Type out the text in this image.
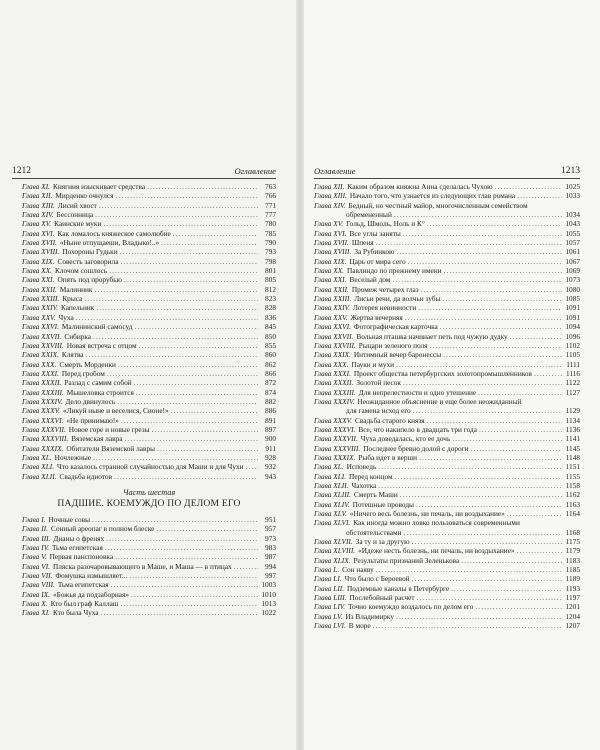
1212	Оглавление
Глава XI. Княгиня изыскивает средства .....	763
Глава XII. Мирденко очнулся .....	766
Глава XIII. Лисий хвост .....	771
Глава XIV. Бессонница .....	777
Глава XV. Каинские муки .....	780
Глава XVI. Как ломалось княжеское самолюбие .....	785
Глава XVII. «Ныне отпущаеши, Владыко!..» .....	790
Глава XVIII. Похороны Гудьки .....	793
Глава XIX. Совесть заговорила .....	798
Глава XX. Клочом сошлось .....	801
Глава XXI. Опять под прорубью .....	805
Глава XXII. Малинник .....	812
Глава XXIII. Крыса .....	823
Глава XXIV. Капельник .....	828
Глава XXV. Чуха .....	836
Глава XXVI. Малининский самосуд .....	845
Глава XXVII. Сибирка .....	850
Глава XXVIII. Новая встреча с отцом .....	855
Глава XXIX. Клятва .....	860
Глава XXX. Смерть Морденки .....	862
Глава XXXI. Перед гробом .....	866
Глава XXXII. Разлад с самим собой .....	872
Глава XXXIII. Мышеловка строится .....	874
Глава XXXIV. Дело двинулось .....	882
Глава XXXV. «Ликуй ныне и веселися, Сионе!» .....	886
Глава XXXVI. «Не принимаю!» .....	891
Глава XXXVII. Новое горе и новые грезы .....	897
Глава XXXVIII. Вяземская лавра .....	900
Глава XXXIX. Обитатели Вяземской лавры .....	911
Глава XL. Ночлежные .....	928
Глава XLI. Что казалось странной случайностью для Маши и для Чухи .....	932
Глава XLII. Свадьба идиотов .....	943
Часть шестая
ПАДШИЕ. КОЕМУЖДО ПО ДЕЛОМ ЕГО
Глава I. Ночные совы .....	951
Глава II. Сонный ареопаг в полном блеске .....	957
Глава III. Дианы о френях .....	973
Глава IV. Тьма египетская .....	983
Глава V. Первая панспоновка .....	987
Глава VI. Пляска разочаровывающего в Маше, и Маша — в птицах .....	994
Глава VII. Фомушка измышляет... .....	997
Глава VIII. Тьма египетская .....	1003
Глава IX. «Божья да подзаборная» .....	1010
Глава X. Кто был граф Каллаш .....	1013
Глава XI. Кто была Чуха .....	1022
Оглавление	1213
Глава XII. Каким образом княжна Анна сделалась Чухою .....	1025
Глава XIII. Начало того, что узнается из следующих глав романа .....	1033
Глава XIV. Бедный, но честный майор, многочисленным семейством
обремененный .....	1034
Глава XV. Гольд, Шмоль, Ноль и К° .....	1043
Глава XVI. Все углы заняты .....	1055
Глава XVII. Шпеня .....	1057
Глава XVIII. За Рубинкою .....	1061
Глава XIX. Царь от мира сего .....	1067
Глава XX. Павлиндо по прежнему имени .....	1069
Глава XXI. Веселый дом .....	1073
Глава XXII. Промеж четырех глаз .....	1080
Глава XXIII. Лисьи речи, да волчьи зубы .....	1085
Глава XXIV. Лотерея невинности .....	1091
Глава XXV. Жертва вечерняя .....	1091
Глава XXVI. Фотографическая карточка .....	1094
Глава XXVII. Вольная пташка начинает петь под чужую дудку .....	1096
Глава XXVIII. Рыцари зеленого поля .....	1102
Глава XXIX. Интимный вечер баронессы .....	1105
Глава XXX. Пауки и мухи .....	1111
Глава XXXI. Проект общества петербургских золотопромышленников .....	1116
Глава XXXII. Золотой песок .....	1122
Глава XXXIII. Для непрелестности и одно утешение .....	1127
Глава XXXIV. Неожиданное объяснение и еще более неожиданный
для гамена исход его .....	1129
Глава XXXV. Свадьба старого князя .....	1134
Глава XXXVI. Все, что накипело в двадцать три года .....	1136
Глава XXXVII. Чуха доведалась, кто ее дочь .....	1141
Глава XXXVIII. Последнее бревно долой с дороги .....	1145
Глава XXXIX. Рыба идет в верши .....	1148
Глава XL. Исповедь .....	1151
Глава XLI. Перед концом .....	1155
Глава XLII. Чахотка .....	1158
Глава XLIII. Смерть Маши .....	1162
Глава XLIV. Потешные проводы .....	1163
Глава XLV. «Ничего весь болезнь, ни печаль, ни воздыхание» .....	1164
Глава XLVI. Как иногда можно ловко пользоваться современными
обстоятельствами .....	1168
Глава XLVII. За ту и за другую .....	1175
Глава XLVIII. «Идеже несть болезнь, ни печаль, ни воздыхание» .....	1179
Глава XLIX. Результаты признаний Зеленькова .....	1183
Глава L. Сон наяву .....	1185
Глава LI. Что было с Бероевой .....	1189
Глава LII. Подземные каналы в Петербурге .....	1193
Глава LIII. Послебойный расчет .....	1197
Глава LIV. Точно коемуждо воздалось по делом его .....	1201
Глава LV. Из Владимирку .....	1204
Глава LVI. В море .....	1207
